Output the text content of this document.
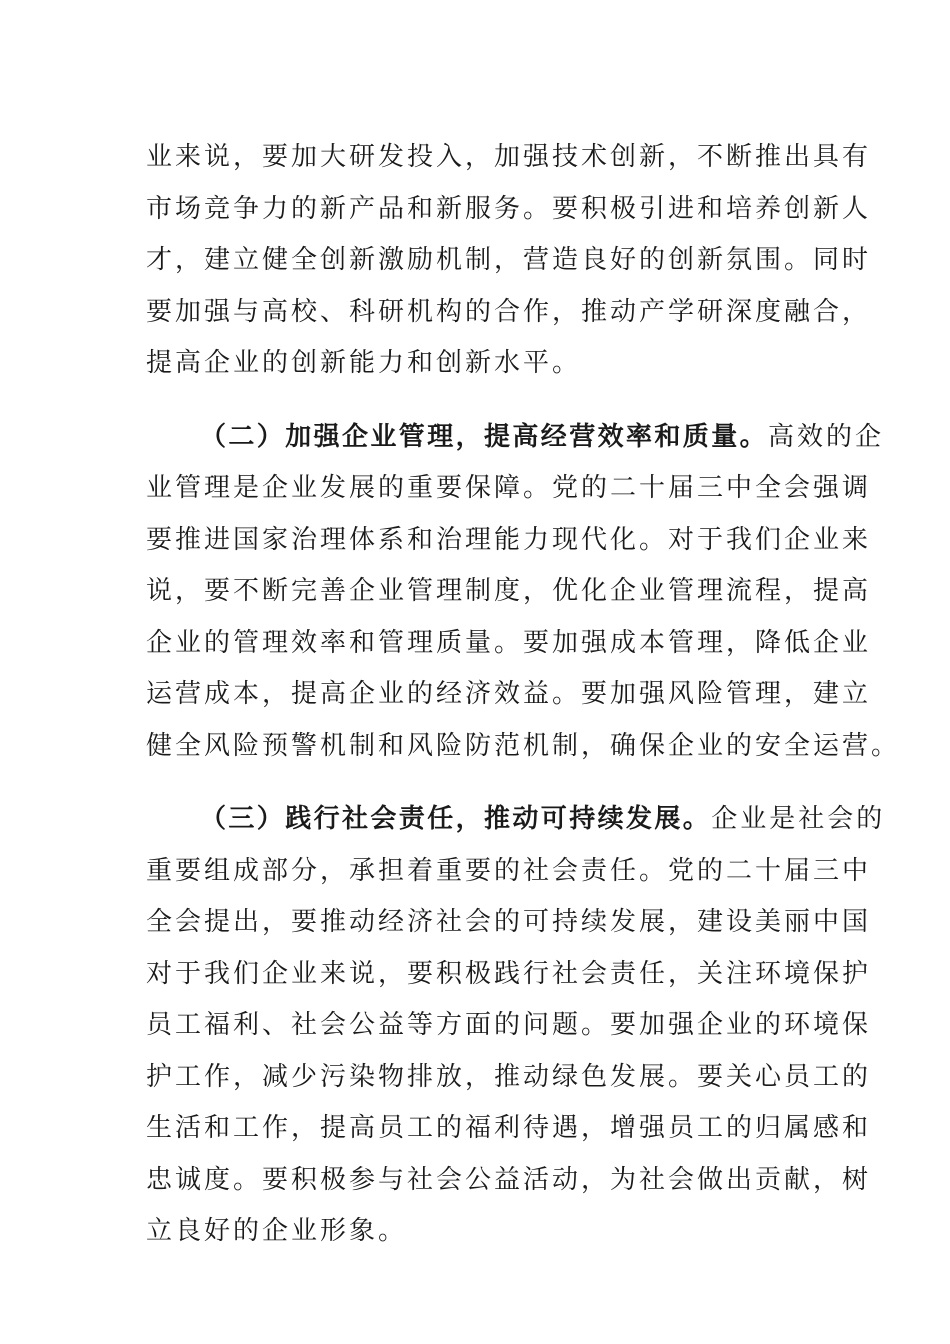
业来说，要加大研发投入，加强技术创新，不断推出具有
市场竞争力的新产品和新服务。要积极引进和培养创新人
才，建立健全创新激励机制，营造良好的创新氛围。同时
要加强与高校、科研机构的合作，推动产学研深度融合，
提高企业的创新能力和创新水平。

（二）加强企业管理，提高经营效率和质量。高效的企
业管理是企业发展的重要保障。党的二十届三中全会强调
要推进国家治理体系和治理能力现代化。对于我们企业来
说，要不断完善企业管理制度，优化企业管理流程，提高
企业的管理效率和管理质量。要加强成本管理，降低企业
运营成本，提高企业的经济效益。要加强风险管理，建立
健全风险预警机制和风险防范机制，确保企业的安全运营。

（三）践行社会责任，推动可持续发展。企业是社会的
重要组成部分，承担着重要的社会责任。党的二十届三中
全会提出，要推动经济社会的可持续发展，建设美丽中国
对于我们企业来说，要积极践行社会责任，关注环境保护
员工福利、社会公益等方面的问题。要加强企业的环境保
护工作，减少污染物排放，推动绿色发展。要关心员工的
生活和工作，提高员工的福利待遇，增强员工的归属感和
忠诚度。要积极参与社会公益活动，为社会做出贡献，树
立良好的企业形象。
